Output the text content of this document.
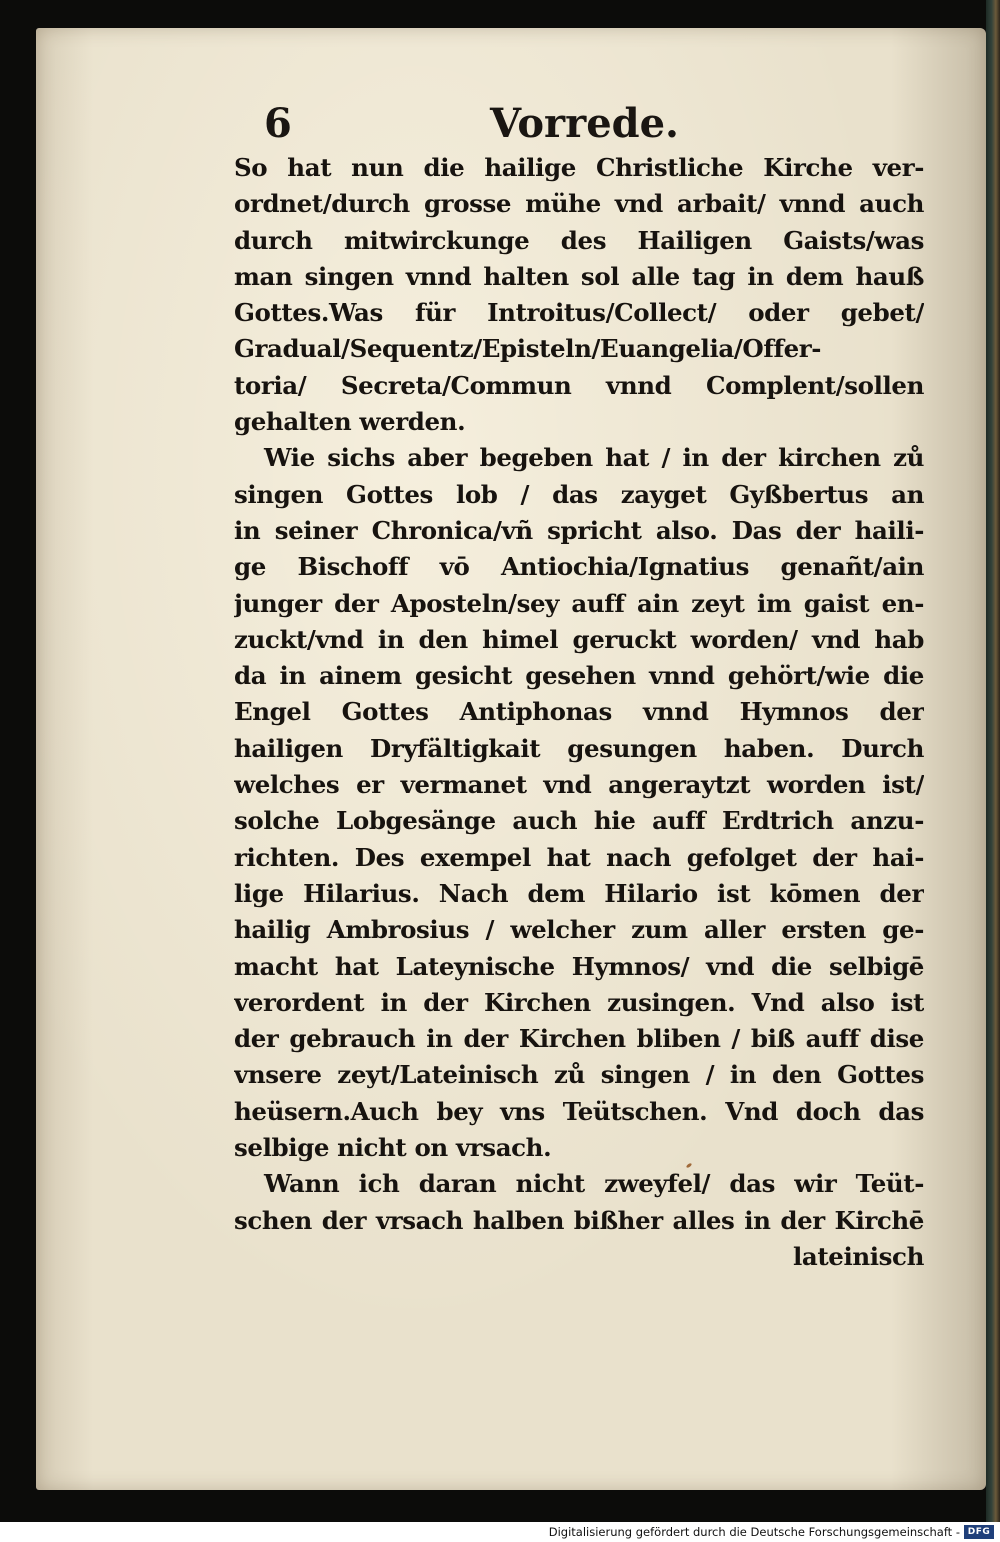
6	Vorrede.
So hat nun die hailige Christliche Kirche ver-
ordnet/durch grosse mühe vnd arbait/ vnnd auch
durch mitwirckunge des Hailigen Gaists/was
man singen vnnd halten sol alle tag in dem hauß
Gottes.Was für Introitus/Collect/ oder gebet/
Gradual/Sequentz/Episteln/Euangelia/Offer-
toria/ Secreta/Commun vnnd Complent/sollen
gehalten werden.
Wie sichs aber begeben hat / in der kirchen zů
singen Gottes lob / das zayget Gyßbertus an
in seiner Chronica/vñ spricht also. Das der haili-
ge Bischoff vō Antiochia/Ignatius genañt/ain
junger der Aposteln/sey auff ain zeyt im gaist en-
zuckt/vnd in den himel geruckt worden/ vnd hab
da in ainem gesicht gesehen vnnd gehört/wie die
Engel Gottes Antiphonas vnnd Hymnos der
hailigen Dryfältigkait gesungen haben. Durch
welches er vermanet vnd angeraytzt worden ist/
solche Lobgesänge auch hie auff Erdtrich anzu-
richten. Des exempel hat nach gefolget der hai-
lige Hilarius. Nach dem Hilario ist kōmen der
hailig Ambrosius / welcher zum aller ersten ge-
macht hat Lateynische Hymnos/ vnd die selbigē
verordent in der Kirchen zusingen. Vnd also ist
der gebrauch in der Kirchen bliben / biß auff dise
vnsere zeyt/Lateinisch zů singen / in den Gottes
heüsern.Auch bey vns Teütschen. Vnd doch das
selbige nicht on vrsach.
Wann ich daran nicht zweyfel/ das wir Teüt-
schen der vrsach halben bißher alles in der Kirchē
lateinisch
Digitalisierung gefördert durch die Deutsche Forschungsgemeinschaft - DFG
